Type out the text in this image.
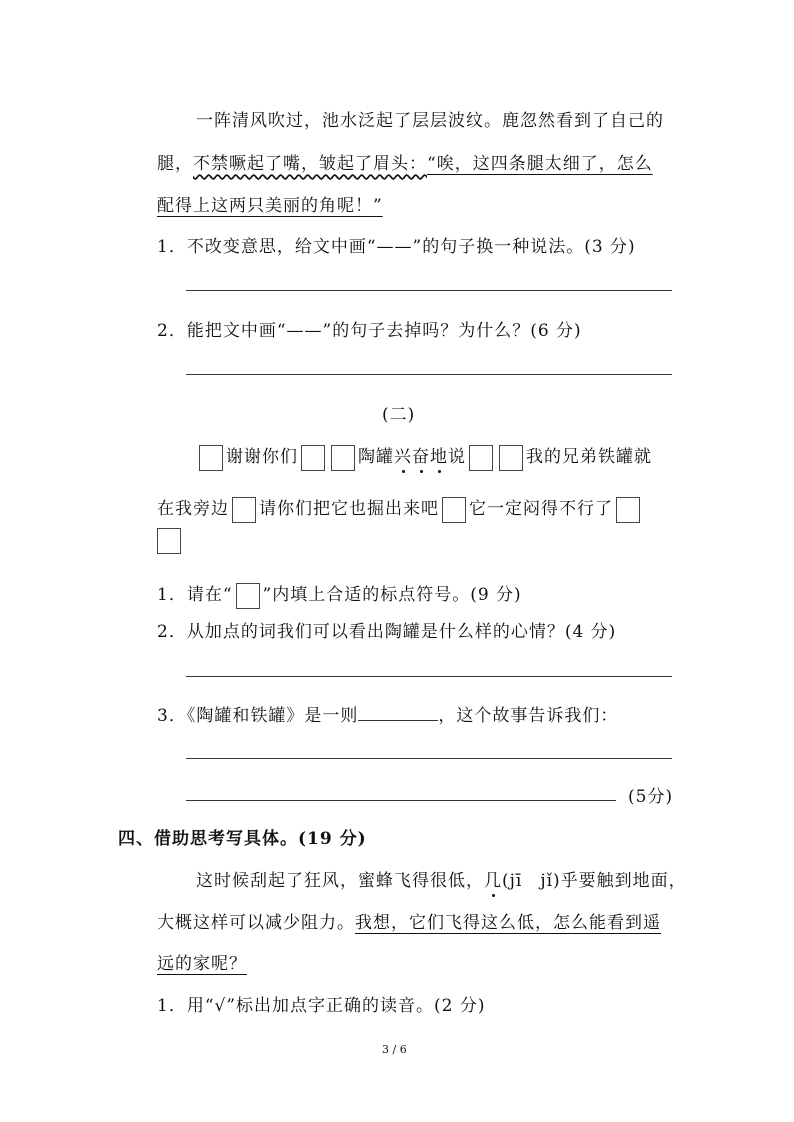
一阵清风吹过，池水泛起了层层波纹。鹿忽然看到了自己的
腿，不禁噘起了嘴，皱起了眉头：“唉，这四条腿太细了，怎么
配得上这两只美丽的角呢！”
1．不改变意思，给文中画“——”的句子换一种说法。(3 分)
2．能把文中画“——”的句子去掉吗？为什么？(6 分)
(二)
谢谢你们	陶罐兴奋地说	我的兄弟铁罐就
在我旁边 请你们把它也掘出来吧 它一定闷得不行了
1．请在“ ”内填上合适的标点符号。(9 分)
2．从加点的词我们可以看出陶罐是什么样的心情？(4 分)
3．《陶罐和铁罐》是一则	，这个故事告诉我们：
(5分)
四、借助思考写具体。(19 分)
这时候刮起了狂风，蜜蜂飞得很低，几(jī　jǐ)乎要触到地面，
大概这样可以减少阻力。我想，它们飞得这么低，怎么能看到遥
远的家呢？
1．用“√”标出加点字正确的读音。(2 分)
3 / 6
